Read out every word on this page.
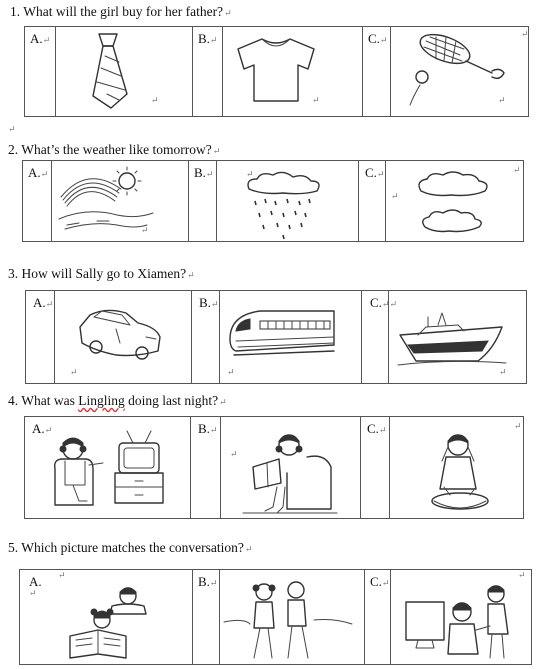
1. What will the girl buy for her father?↵
A.↵	B.↵	C.↵
↵	↵	↵
↵
↵
2. What’s the weather like tomorrow?↵
A.↵	B.↵	C.↵
↵
↵
↵
↵
3. How will Sally go to Xiamen?↵
A.↵	B.↵	C.↵↵
↵	↵	↵
4. What was Lingling doing last night?↵
A.↵	B.↵	C.↵
↵
↵
5. Which picture matches the conversation?↵
A. ↵
↵
B.↵	C.↵
↵
